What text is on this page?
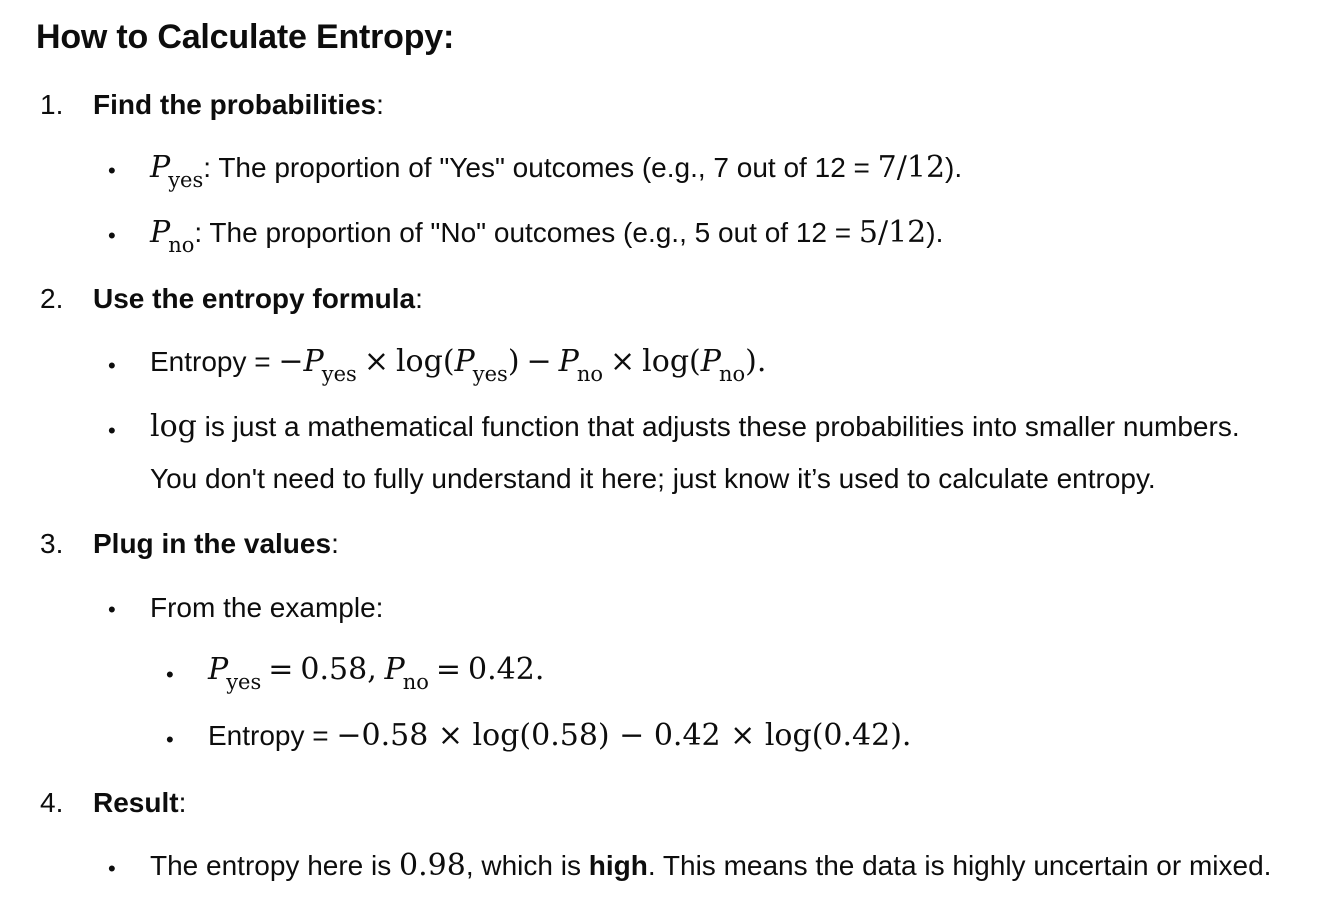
How to Calculate Entropy:
1. Find the probabilities:
• $P_{yes}$: The proportion of "Yes" outcomes (e.g., 7 out of 12 = 7/12).
• $P_{no}$: The proportion of "No" outcomes (e.g., 5 out of 12 = 5/12).
2. Use the entropy formula:
• Entropy = $-P_{yes} \times \log(P_{yes}) - P_{no} \times \log(P_{no})$.
• log is just a mathematical function that adjusts these probabilities into smaller numbers.
You don't need to fully understand it here; just know it’s used to calculate entropy.
3. Plug in the values:
• From the example:
• $P_{yes} = 0.58$, $P_{no} = 0.42$.
• Entropy = −0.58 × log(0.58) − 0.42 × log(0.42).
4. Result:
• The entropy here is 0.98, which is high. This means the data is highly uncertain or mixed.
